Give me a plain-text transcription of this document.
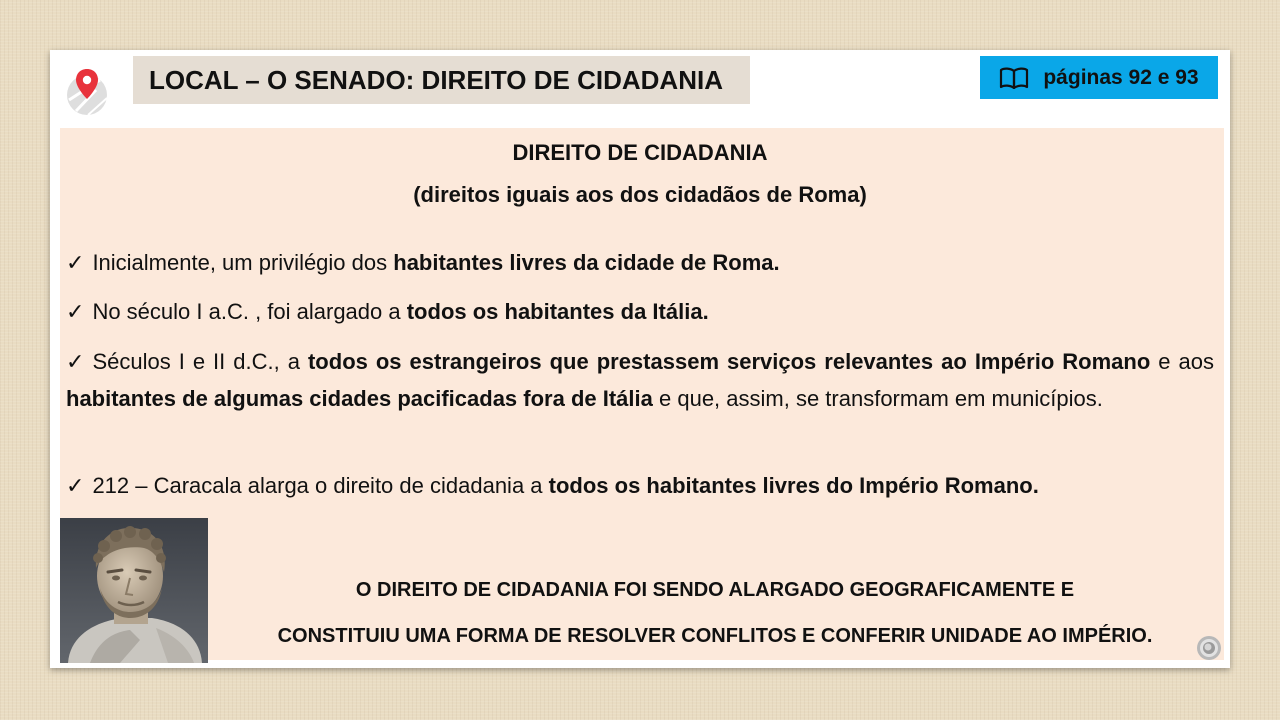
LOCAL – O SENADO: DIREITO DE CIDADANIA	páginas 92 e 93
DIREITO DE CIDADANIA
(direitos iguais aos dos cidadãos de Roma)
✓ Inicialmente, um privilégio dos habitantes livres da cidade de Roma.
✓ No século I a.C. , foi alargado a todos os habitantes da Itália.
✓ Séculos I e II d.C., a todos os estrangeiros que prestassem serviços relevantes ao Império Romano e aos habitantes de algumas cidades pacificadas fora de Itália e que, assim, se transformam em municípios.
✓ 212 – Caracala alarga o direito de cidadania a todos os habitantes livres do Império Romano.
O DIREITO DE CIDADANIA FOI SENDO ALARGADO GEOGRAFICAMENTE E
CONSTITUIU UMA FORMA DE RESOLVER CONFLITOS E CONFERIR UNIDADE AO IMPÉRIO.
